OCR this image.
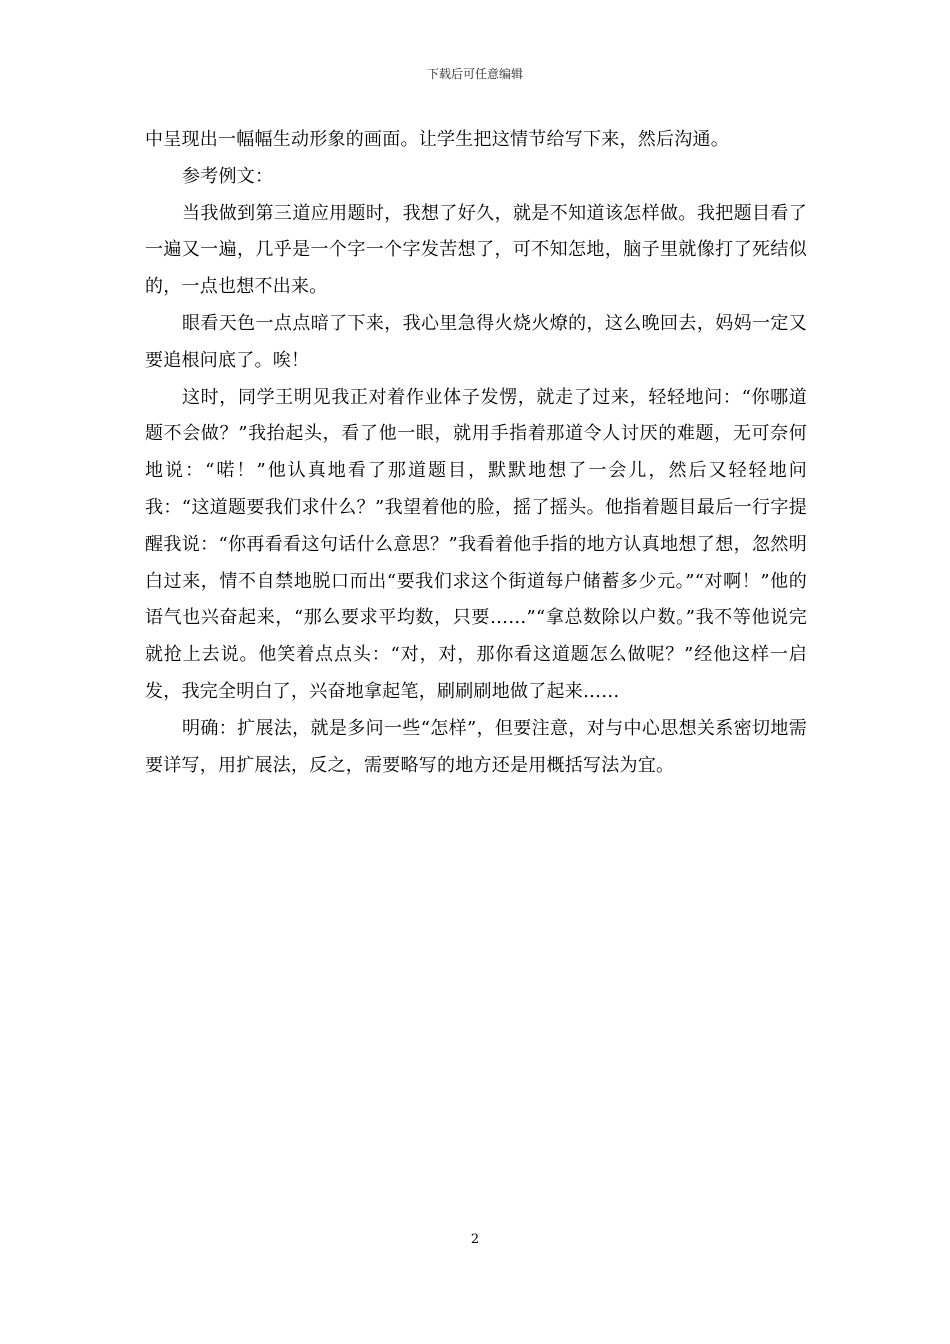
下载后可任意编辑

中呈现出一幅幅生动形象的画面。让学生把这情节给写下来，然后沟通。

参考例文：

当我做到第三道应用题时，我想了好久，就是不知道该怎样做。我把题目看了一遍又一遍，几乎是一个字一个字发苦想了，可不知怎地，脑子里就像打了死结似的，一点也想不出来。

眼看天色一点点暗了下来，我心里急得火烧火燎的，这么晚回去，妈妈一定又要追根问底了。唉！

这时，同学王明见我正对着作业体子发愣，就走了过来，轻轻地问：“你哪道题不会做？”我抬起头，看了他一眼，就用手指着那道令人讨厌的难题，无可奈何地说：“喏！”他认真地看了那道题目，默默地想了一会儿，然后又轻轻地问我：“这道题要我们求什么？”我望着他的脸，摇了摇头。他指着题目最后一行字提醒我说：“你再看看这句话什么意思？”我看着他手指的地方认真地想了想，忽然明白过来，情不自禁地脱口而出“要我们求这个街道每户储蓄多少元。”“对啊！”他的语气也兴奋起来，“那么要求平均数，只要……”“拿总数除以户数。”我不等他说完就抢上去说。他笑着点点头：“对，对，那你看这道题怎么做呢？”经他这样一启发，我完全明白了，兴奋地拿起笔，刷刷刷地做了起来……

明确：扩展法，就是多问一些“怎样”，但要注意，对与中心思想关系密切地需要详写，用扩展法，反之，需要略写的地方还是用概括写法为宜。

2
